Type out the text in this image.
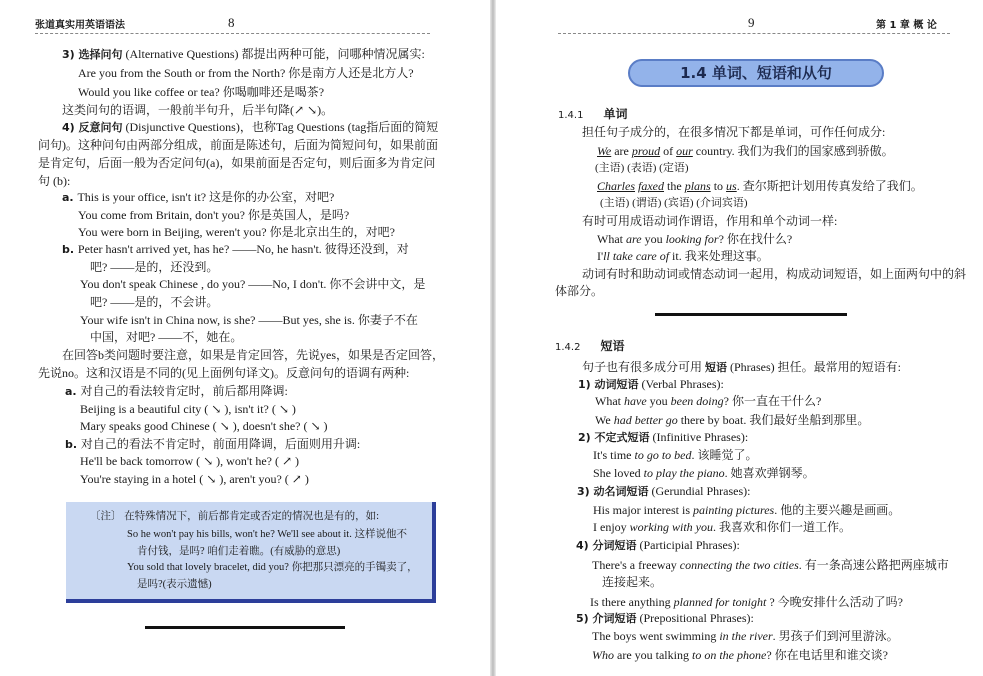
张道真实用英语语法	8
3) 选择问句 (Alternative Questions) 都提出两种可能，问哪种情况属实:
Are you from the South or from the North? 你是南方人还是北方人?
Would you like coffee or tea? 你喝咖啡还是喝茶?
这类问句的语调，一般前半句升，后半句降(↗ ↘)。
4) 反意问句 (Disjunctive Questions)，也称Tag Questions (tag指后面的简短
问句)。这种问句由两部分组成，前面是陈述句，后面为简短问句，如果前面
是肯定句，后面一般为否定问句(a)，如果前面是否定句，则后面多为肯定问
句 (b):
a. This is your office, isn't it? 这是你的办公室，对吧?
You come from Britain, don't you? 你是英国人，是吗?
You were born in Beijing, weren't you? 你是北京出生的，对吧?
b. Peter hasn't arrived yet, has he? ——No, he hasn't. 彼得还没到，对
吧? ——是的，还没到。
You don't speak Chinese , do you? ——No, I don't. 你不会讲中文，是
吧? ——是的，不会讲。
Your wife isn't in China now, is she? ——But yes, she is. 你妻子不在
中国，对吧? ——不，她在。
在回答b类问题时要注意，如果是肯定回答，先说yes，如果是否定回答，
先说no。这和汉语是不同的(见上面例句译文)。反意问句的语调有两种:
a. 对自己的看法较肯定时，前后都用降调:
Beijing is a beautiful city ( ↘ ), isn't it? ( ↘ )
Mary speaks good Chinese ( ↘ ), doesn't she? ( ↘ )
b. 对自己的看法不肯定时，前面用降调，后面则用升调:
He'll be back tomorrow ( ↘ ), won't he? ( ↗ )
You're staying in a hotel ( ↘ ), aren't you? ( ↗ )
〔注〕 在特殊情况下，前后都肯定或否定的情况也是有的，如:
So he won't pay his bills, won't he? We'll see about it. 这样说他不
肯付钱，是吗? 咱们走着瞧。(有威胁的意思)
You sold that lovely bracelet, did you? 你把那只漂亮的手镯卖了，
是吗?(表示遗憾)
9	第 1 章 概 论
1.4 单词、短语和从句
1.4.1 单词
担任句子成分的，在很多情况下都是单词，可作任何成分:
We are proud of our country. 我们为我们的国家感到骄傲。
(主语) (表语) (定语)
Charles faxed the plans to us. 查尔斯把计划用传真发给了我们。
(主语) (谓语) (宾语) (介词宾语)
有时可用成语动词作谓语，作用和单个动词一样:
What are you looking for? 你在找什么?
I'll take care of it. 我来处理这事。
动词有时和助动词或情态动词一起用，构成动词短语，如上面两句中的斜
体部分。
1.4.2 短语
句子也有很多成分可用 短语 (Phrases) 担任。最常用的短语有:
1) 动词短语 (Verbal Phrases):
What have you been doing? 你一直在干什么?
We had better go there by boat. 我们最好坐船到那里。
2) 不定式短语 (Infinitive Phrases):
It's time to go to bed. 该睡觉了。
She loved to play the piano. 她喜欢弹钢琴。
3) 动名词短语 (Gerundial Phrases):
His major interest is painting pictures. 他的主要兴趣是画画。
I enjoy working with you. 我喜欢和你们一道工作。
4) 分词短语 (Participial Phrases):
There's a freeway connecting the two cities. 有一条高速公路把两座城市
连接起来。
Is there anything planned for tonight ? 今晚安排什么活动了吗?
5) 介词短语 (Prepositional Phrases):
The boys went swimming in the river. 男孩子们到河里游泳。
Who are you talking to on the phone? 你在电话里和谁交谈?
